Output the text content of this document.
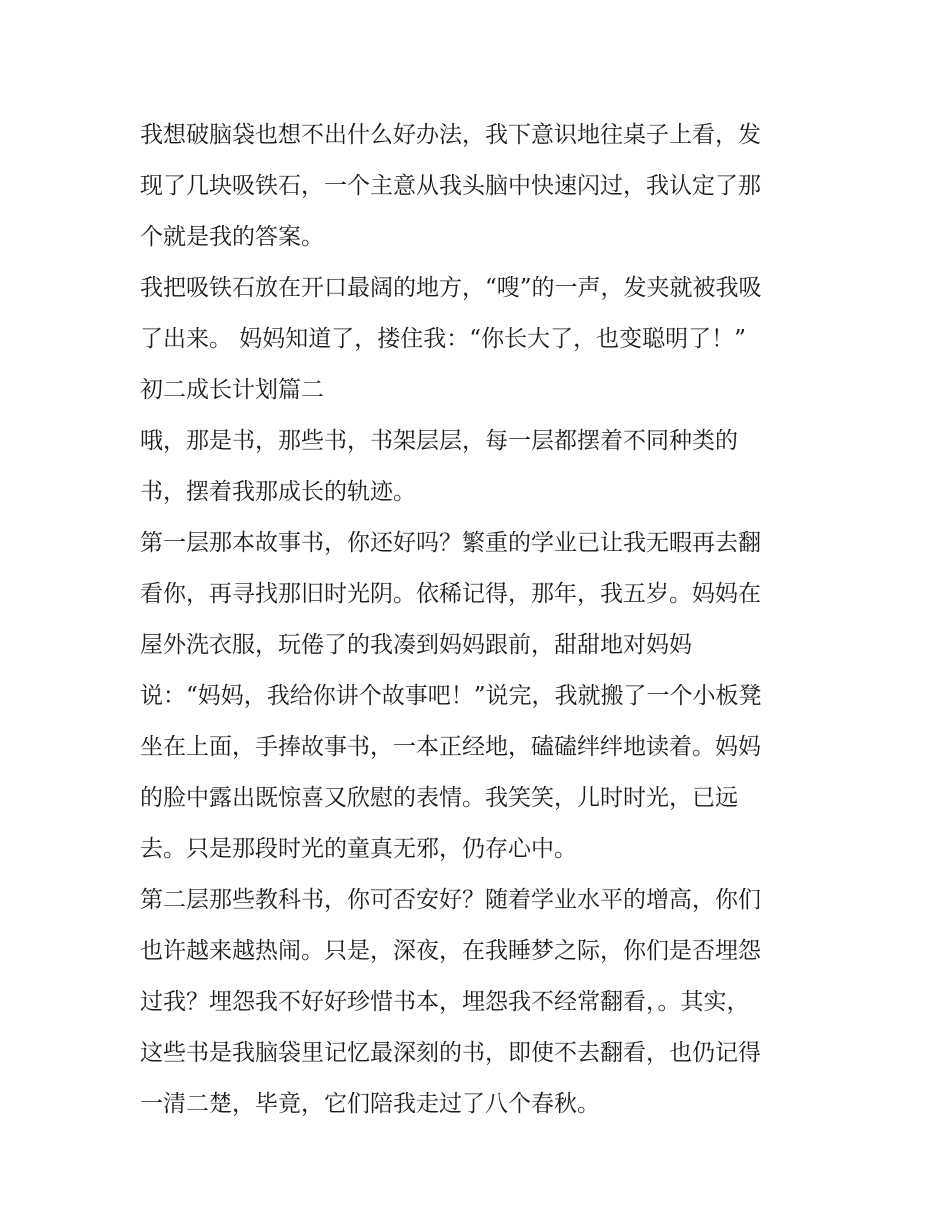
我想破脑袋也想不出什么好办法，我下意识地往桌子上看，发
现了几块吸铁石，一个主意从我头脑中快速闪过，我认定了那
个就是我的答案。
我把吸铁石放在开口最阔的地方，“嗖”的一声，发夹就被我吸
了出来。 妈妈知道了，搂住我：“你长大了，也变聪明了！”
初二成长计划篇二
哦，那是书，那些书，书架层层，每一层都摆着不同种类的
书，摆着我那成长的轨迹。
第一层那本故事书，你还好吗？繁重的学业已让我无暇再去翻
看你，再寻找那旧时光阴。依稀记得，那年，我五岁。妈妈在
屋外洗衣服，玩倦了的我凑到妈妈跟前，甜甜地对妈妈
说：“妈妈，我给你讲个故事吧！”说完，我就搬了一个小板凳
坐在上面，手捧故事书，一本正经地，磕磕绊绊地读着。妈妈
的脸中露出既惊喜又欣慰的表情。我笑笑，儿时时光，已远
去。只是那段时光的童真无邪，仍存心中。
第二层那些教科书，你可否安好？随着学业水平的增高，你们
也许越来越热闹。只是，深夜，在我睡梦之际，你们是否埋怨
过我？埋怨我不好好珍惜书本，埋怨我不经常翻看，。其实，
这些书是我脑袋里记忆最深刻的书，即使不去翻看，也仍记得
一清二楚，毕竟，它们陪我走过了八个春秋。
